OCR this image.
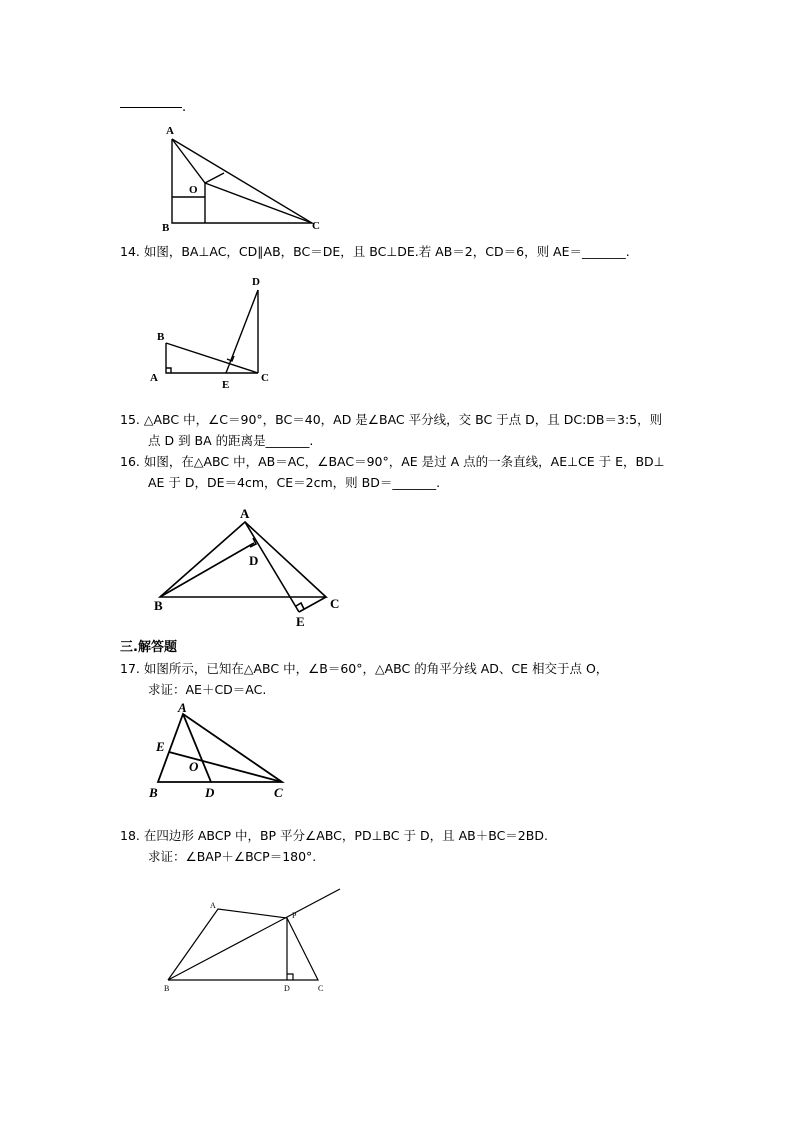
.
A
B	C
O
14. 如图，BA⊥AC，CD∥AB，BC＝DE，且 BC⊥DE.若 AB＝2，CD＝6，则 AE＝_______.
B
A
E
C
D
15. △ABC 中，∠C＝90°，BC＝40，AD 是∠BAC 平分线，交 BC 于点 D，且 DC:DB＝3:5，则
点 D 到 BA 的距离是_______.
16. 如图，在△ABC 中，AB＝AC，∠BAC＝90°，AE 是过 A 点的一条直线，AE⊥CE 于 E，BD⊥
AE 于 D，DE＝4cm，CE＝2cm，则 BD＝_______.
A
D
B	C
E
三.解答题
17. 如图所示，已知在△ABC 中，∠B＝60°，△ABC 的角平分线 AD、CE 相交于点 O，
求证：AE＋CD＝AC.
A
E
O
B	D	C
18. 在四边形 ABCP 中，BP 平分∠ABC，PD⊥BC 于 D，且 AB＋BC＝2BD.
求证：∠BAP＋∠BCP＝180°.
A
P
B	D	C
